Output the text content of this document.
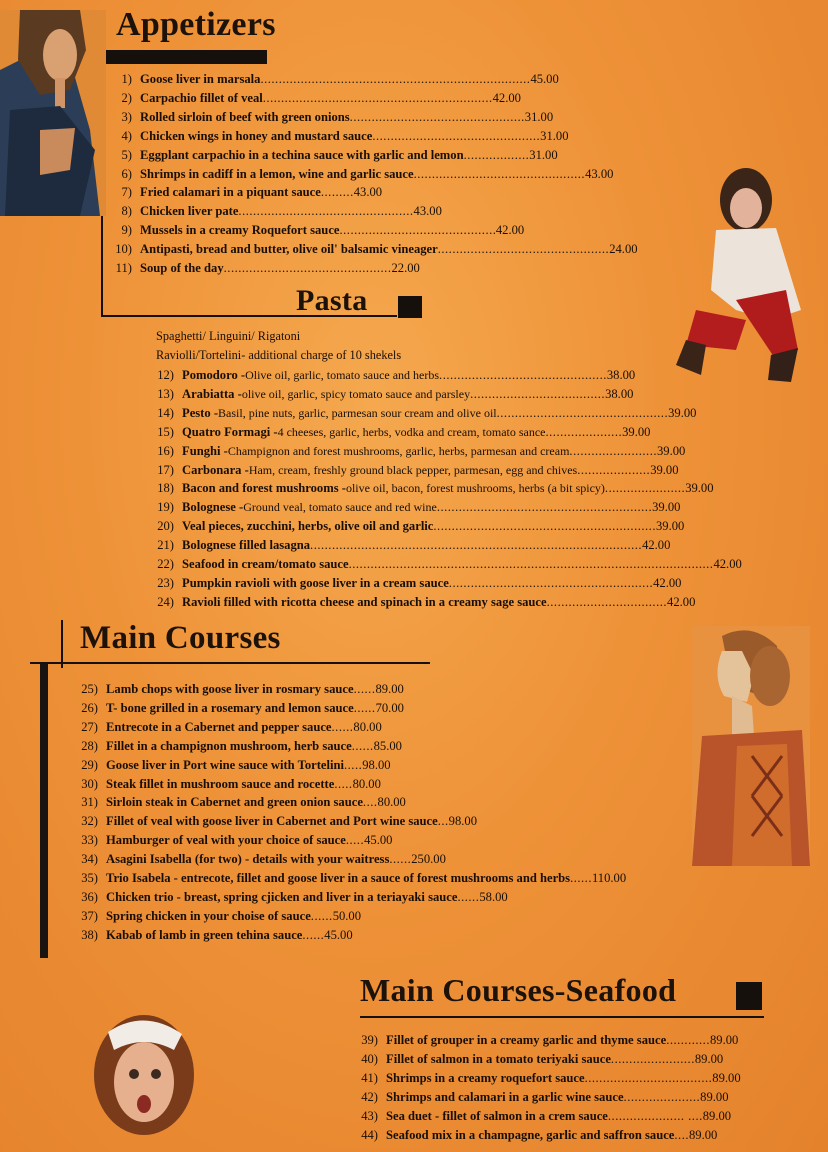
Appetizers
1) Goose liver in marsala .......................................................................... 45.00
2) Carpachio fillet of veal ............................................................... 42.00
3) Rolled sirloin of beef with green onions ................................................ 31.00
4) Chicken wings in honey and mustard sauce .............................................. 31.00
5) Eggplant carpachio in a techina sauce with garlic and lemon .................. 31.00
6) Shrimps in cadiff in a lemon, wine and garlic sauce ............................................... 43.00
7) Fried calamari in a piquant sauce ......... 43.00
8) Chicken liver pate ................................................ 43.00
9) Mussels in a creamy Roquefort sauce .......................................... .42.00
10) Antipasti, bread and butter, olive oil' balsamic vineager ............................................... 24.00
11) Soup of the day .............................................. 22.00
Pasta
Spaghetti/ Linguini/ Rigatoni
Raviolli/Tortelini- additional charge of 10 shekels
12) Pomodoro - Olive oil, garlic, tomato sauce and herbs .............................................. 38.00
13) Arabiatta - olive oil, garlic, spicy tomato sauce and parsley ..................................... 38.00
14) Pesto - Basil, pine nuts, garlic, parmesan sour cream and olive oil ............................................... 39.00
15) Quatro Formagi - 4 cheeses, garlic, herbs, vodka and cream, tomato sance ..................... 39.00
16) Funghi - Champignon and forest mushrooms, garlic, herbs, parmesan and cream ........................ 39.00
17) Carbonara - Ham, cream, freshly ground black pepper, parmesan, egg and chives .................... 39.00
18) Bacon and forest mushrooms - olive oil, bacon, forest mushrooms, herbs (a bit spicy) ...................... 39.00
19) Bolognese - Ground veal, tomato sauce and red wine ........................................................... 39.00
20) Veal pieces, zucchini, herbs, olive oil and garlic ............................................................. 39.00
21) Bolognese filled lasagna ........................................................................................... 42.00
22) Seafood in cream/tomato sauce .................................................................................................... 42.00
23) Pumpkin ravioli with goose liver in a cream sauce ........................................................ 42.00
24) Ravioli filled with ricotta cheese and spinach in a creamy sage sauce ................................. 42.00
Main Courses
25) Lamb chops with goose liver in rosmary sauce ...... 89.00
26) T- bone grilled in a rosemary and lemon sauce ...... 70.00
27) Entrecote in a Cabernet and pepper sauce ...... 80.00
28) Fillet in a champignon mushroom, herb sauce ...... 85.00
29) Goose liver in Port wine sauce with Tortelini ..... 98.00
30) Steak fillet in mushroom sauce and rocette ..... 80.00
31) Sirloin steak in Cabernet and green onion sauce .... 80.00
32) Fillet of veal with goose liver in Cabernet and Port wine sauce ... 98.00
33) Hamburger of veal with your choice of sauce ..... 45.00
34) Asagini Isabella (for two) - details with your waitress ...... 250.00
35) Trio Isabela - entrecote, fillet and goose liver in a sauce of forest mushrooms and herbs ...... 110.00
36) Chicken trio - breast, spring cjicken and liver in a teriayaki sauce ...... 58.00
37) Spring chicken in your choise of sauce ...... 50.00
38) Kabab of lamb in green tehina sauce ...... 45.00
Main Courses-Seafood
39) Fillet of grouper in a creamy garlic and thyme sauce ............ 89.00
40) Fillet of salmon in a tomato teriyaki sauce ....................... 89.00
41) Shrimps in a creamy roquefort sauce ................................... 89.00
42) Shrimps and calamari in a garlic wine sauce ..................... 89.00
43) Sea duet - fillet of salmon in a crem sauce ..................... .... 89.00
44) Seafood mix in a champagne, garlic and saffron sauce .... 89.00
